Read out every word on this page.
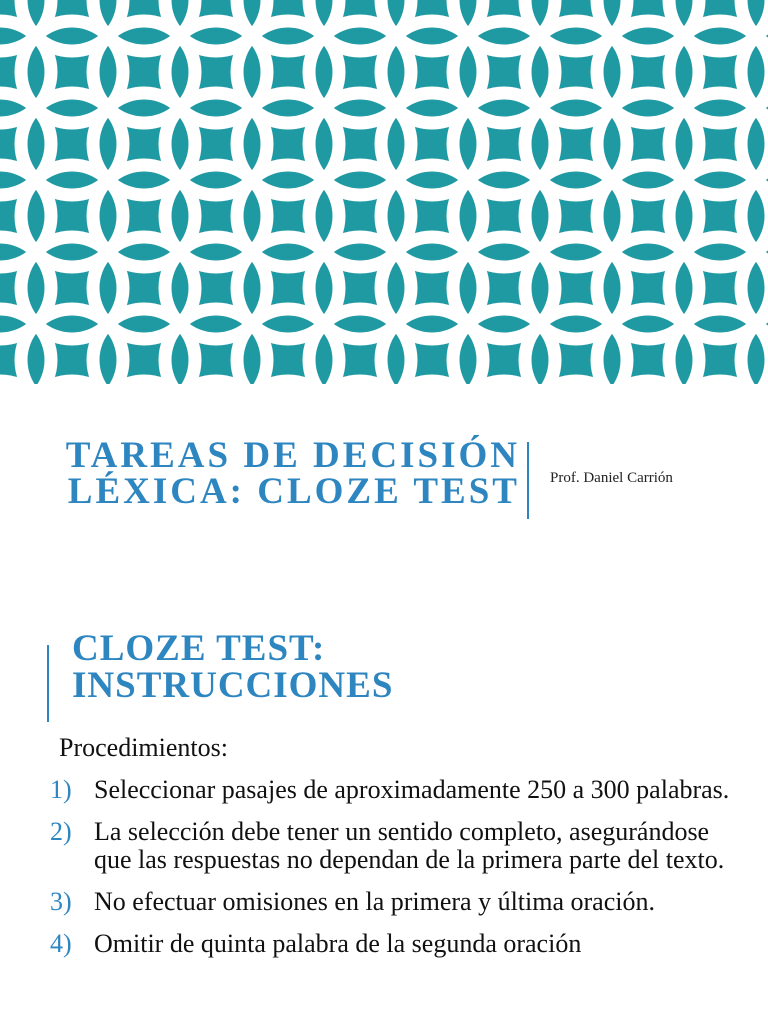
TAREAS DE DECISIÓN
LÉXICA: CLOZE TEST Prof. Daniel Carrión
CLOZE TEST:
INSTRUCCIONES

Procedimientos:

1) Seleccionar pasajes de aproximadamente 250 a 300 palabras.
2) La selección debe tener un sentido completo, asegurándose que las respuestas no dependan de la primera parte del texto.
3) No efectuar omisiones en la primera y última oración.
4) Omitir de quinta palabra de la segunda oración
